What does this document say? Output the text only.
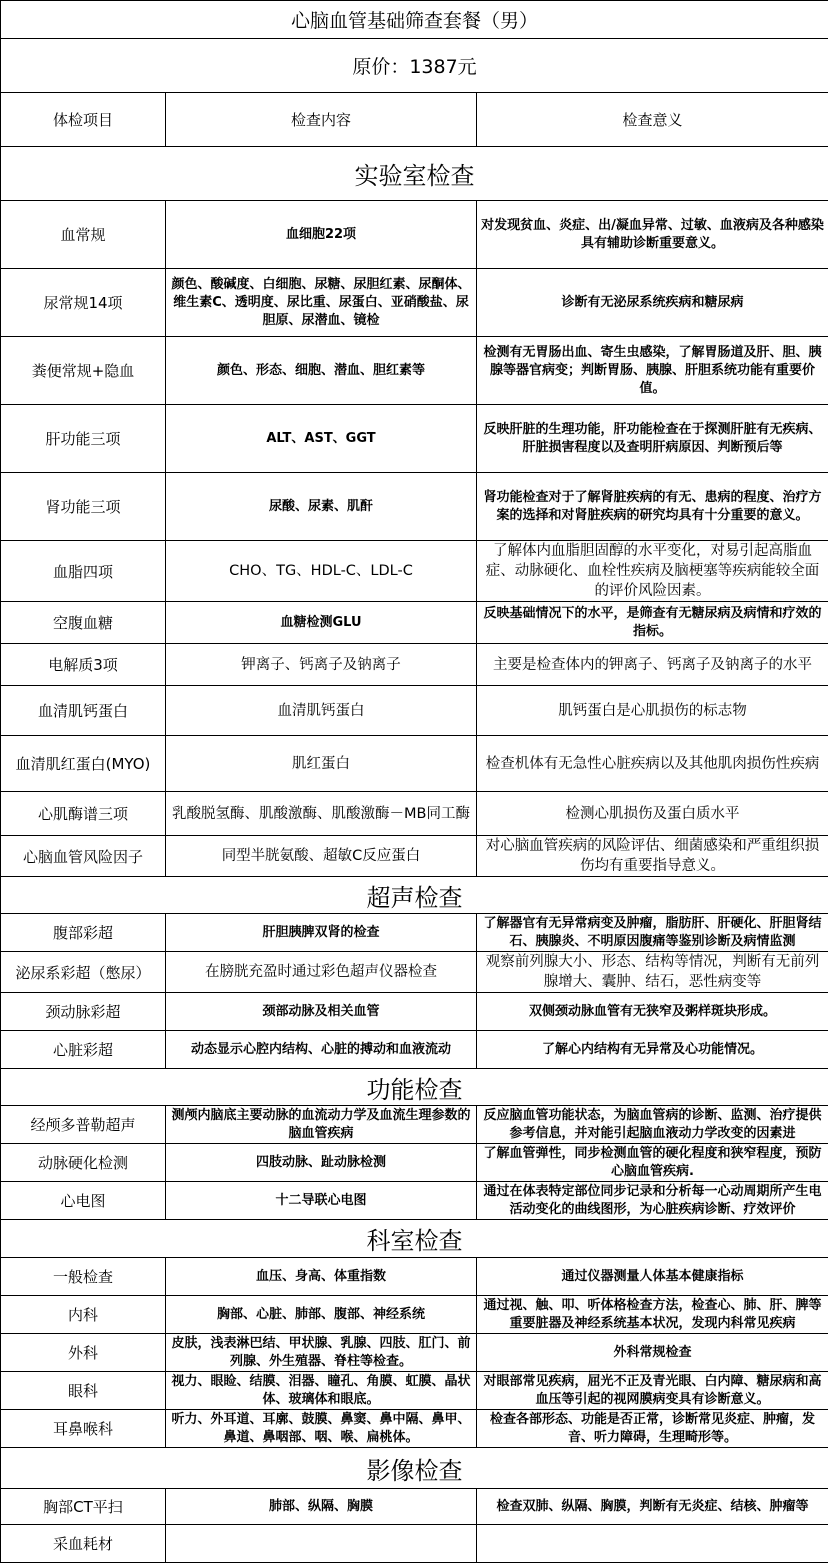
心脑血管基础筛查套餐（男）		
原价：1387元		
体检项目	检查内容	检查意义
实验室检查		
血常规	血细胞22项	对发现贫血、炎症、出/凝血异常、过敏、血液病及各种感染具有辅助诊断重要意义。
尿常规14项	颜色、酸碱度、白细胞、尿糖、尿胆红素、尿酮体、维生素C、透明度、尿比重、尿蛋白、亚硝酸盐、尿胆原、尿潜血、镜检	诊断有无泌尿系统疾病和糖尿病
粪便常规+隐血	颜色、形态、细胞、潜血、胆红素等	检测有无胃肠出血、寄生虫感染，了解胃肠道及肝、胆、胰腺等器官病变；判断胃肠、胰腺、肝胆系统功能有重要价值。
肝功能三项	ALT、AST、GGT	反映肝脏的生理功能，肝功能检查在于探测肝脏有无疾病、肝脏损害程度以及查明肝病原因、判断预后等
肾功能三项	尿酸、尿素、肌酐	肾功能检查对于了解肾脏疾病的有无、患病的程度、治疗方案的选择和对肾脏疾病的研究均具有十分重要的意义。
血脂四项	CHO、TG、HDL-C、LDL-C	了解体内血脂胆固醇的水平变化，对易引起高脂血症、动脉硬化、血栓性疾病及脑梗塞等疾病能较全面的评价风险因素。
空腹血糖	血糖检测GLU	反映基础情况下的水平，是筛查有无糖尿病及病情和疗效的指标。
电解质3项	钾离子、钙离子及钠离子	主要是检查体内的钾离子、钙离子及钠离子的水平
血清肌钙蛋白	血清肌钙蛋白	肌钙蛋白是心肌损伤的标志物
血清肌红蛋白(MYO)	肌红蛋白	检查机体有无急性心脏疾病以及其他肌肉损伤性疾病
心肌酶谱三项	乳酸脱氢酶、肌酸激酶、肌酸激酶－MB同工酶	检测心肌损伤及蛋白质水平
心脑血管风险因子	同型半胱氨酸、超敏C反应蛋白	对心脑血管疾病的风险评估、细菌感染和严重组织损伤均有重要指导意义。
超声检查		
腹部彩超	肝胆胰脾双肾的检查	了解器官有无异常病变及肿瘤，脂肪肝、肝硬化、肝胆肾结石、胰腺炎、不明原因腹痛等鉴别诊断及病情监测
泌尿系彩超（憋尿）	在膀胱充盈时通过彩色超声仪器检查	观察前列腺大小、形态、结构等情况，判断有无前列腺增大、囊肿、结石，恶性病变等
颈动脉彩超	颈部动脉及相关血管	双侧颈动脉血管有无狭窄及粥样斑块形成。
心脏彩超	动态显示心腔内结构、心脏的搏动和血液流动	了解心内结构有无异常及心功能情况。
功能检查		
经颅多普勒超声	测颅内脑底主要动脉的血流动力学及血流生理参数的脑血管疾病	反应脑血管功能状态，为脑血管病的诊断、监测、治疗提供参考信息，并对能引起脑血液动力学改变的因素进
动脉硬化检测	四肢动脉、趾动脉检测	了解血管弹性，同步检测血管的硬化程度和狭窄程度，预防心脑血管疾病.
心电图	十二导联心电图	通过在体表特定部位同步记录和分析每一心动周期所产生电活动变化的曲线图形，为心脏疾病诊断、疗效评价
科室检查		
一般检查	血压、身高、体重指数	通过仪器测量人体基本健康指标
内科	胸部、心脏、肺部、腹部、神经系统	通过视、触、叩、听体格检查方法，检查心、肺、肝、脾等重要脏器及神经系统基本状况，发现内科常见疾病
外科	皮肤，浅表淋巴结、甲状腺、乳腺、四肢、肛门、前列腺、外生殖器、脊柱等检查。	外科常规检查
眼科	视力、眼睑、结膜、泪器、瞳孔、角膜、虹膜、晶状体、玻璃体和眼底。	对眼部常见疾病，屈光不正及青光眼、白内障、糖尿病和高血压等引起的视网膜病变具有诊断意义。
耳鼻喉科	听力、外耳道、耳廓、鼓膜、鼻窦、鼻中隔、鼻甲、鼻道、鼻咽部、咽、喉、扁桃体。	检查各部形态、功能是否正常，诊断常见炎症、肿瘤，发音、听力障碍，生理畸形等。
影像检查		
胸部CT平扫	肺部、纵隔、胸膜	检查双肺、纵隔、胸膜，判断有无炎症、结核、肿瘤等
采血耗材		
